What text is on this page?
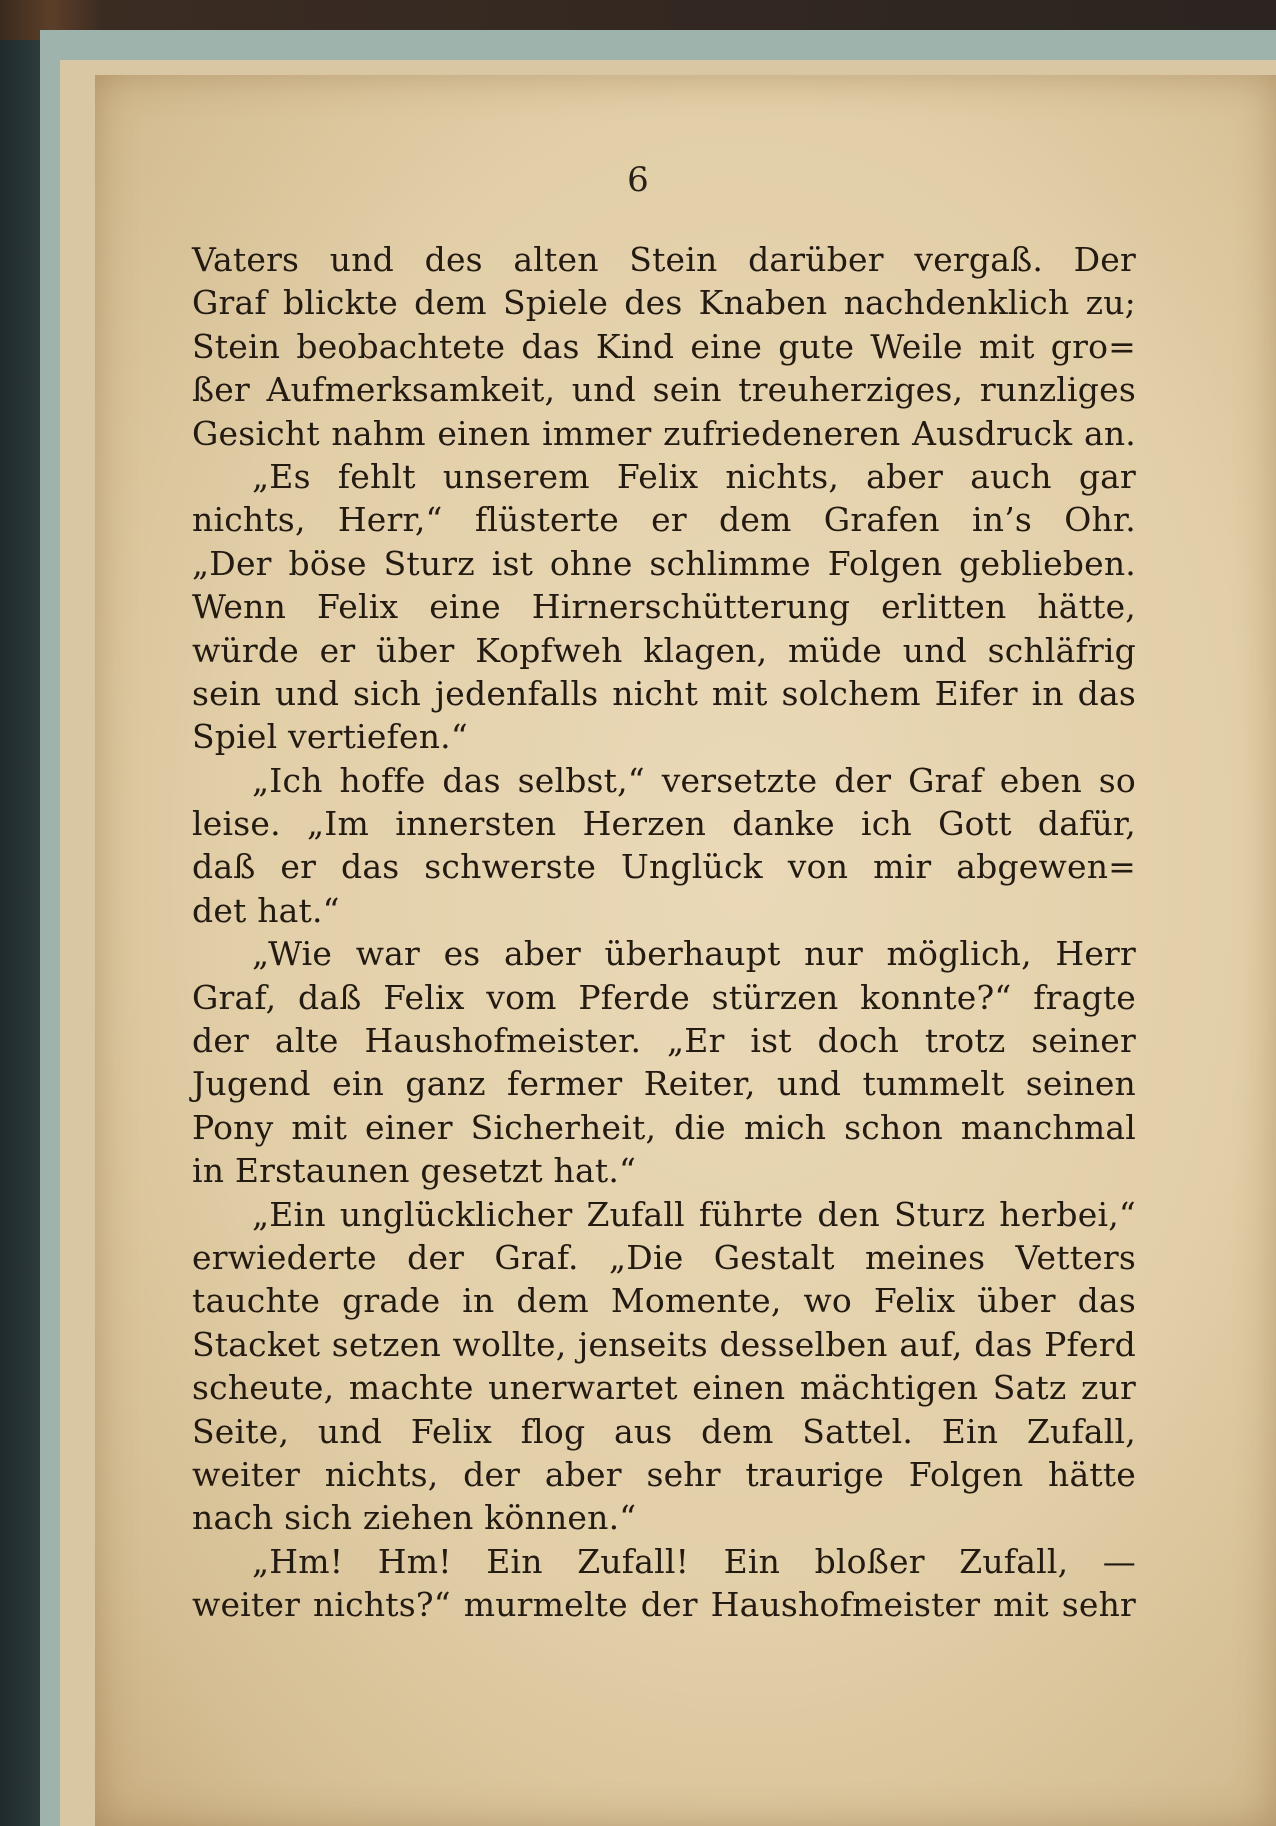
6
Vaters und des alten Stein darüber vergaß. Der
Graf blickte dem Spiele des Knaben nachdenklich zu;
Stein beobachtete das Kind eine gute Weile mit gro=
ßer Aufmerksamkeit, und sein treuherziges, runzliges
Gesicht nahm einen immer zufriedeneren Ausdruck an.
„Es fehlt unserem Felix nichts, aber auch gar
nichts, Herr,“ flüsterte er dem Grafen in’s Ohr.
„Der böse Sturz ist ohne schlimme Folgen geblieben.
Wenn Felix eine Hirnerschütterung erlitten hätte,
würde er über Kopfweh klagen, müde und schläfrig
sein und sich jedenfalls nicht mit solchem Eifer in das
Spiel vertiefen.“
„Ich hoffe das selbst,“ versetzte der Graf eben so
leise. „Im innersten Herzen danke ich Gott dafür,
daß er das schwerste Unglück von mir abgewen=
det hat.“
„Wie war es aber überhaupt nur möglich, Herr
Graf, daß Felix vom Pferde stürzen konnte?“ fragte
der alte Haushofmeister. „Er ist doch trotz seiner
Jugend ein ganz fermer Reiter, und tummelt seinen
Pony mit einer Sicherheit, die mich schon manchmal
in Erstaunen gesetzt hat.“
„Ein unglücklicher Zufall führte den Sturz herbei,“
erwiederte der Graf. „Die Gestalt meines Vetters
tauchte grade in dem Momente, wo Felix über das
Stacket setzen wollte, jenseits desselben auf, das Pferd
scheute, machte unerwartet einen mächtigen Satz zur
Seite, und Felix flog aus dem Sattel. Ein Zufall,
weiter nichts, der aber sehr traurige Folgen hätte
nach sich ziehen können.“
„Hm! Hm! Ein Zufall! Ein bloßer Zufall, —
weiter nichts?“ murmelte der Haushofmeister mit sehr
